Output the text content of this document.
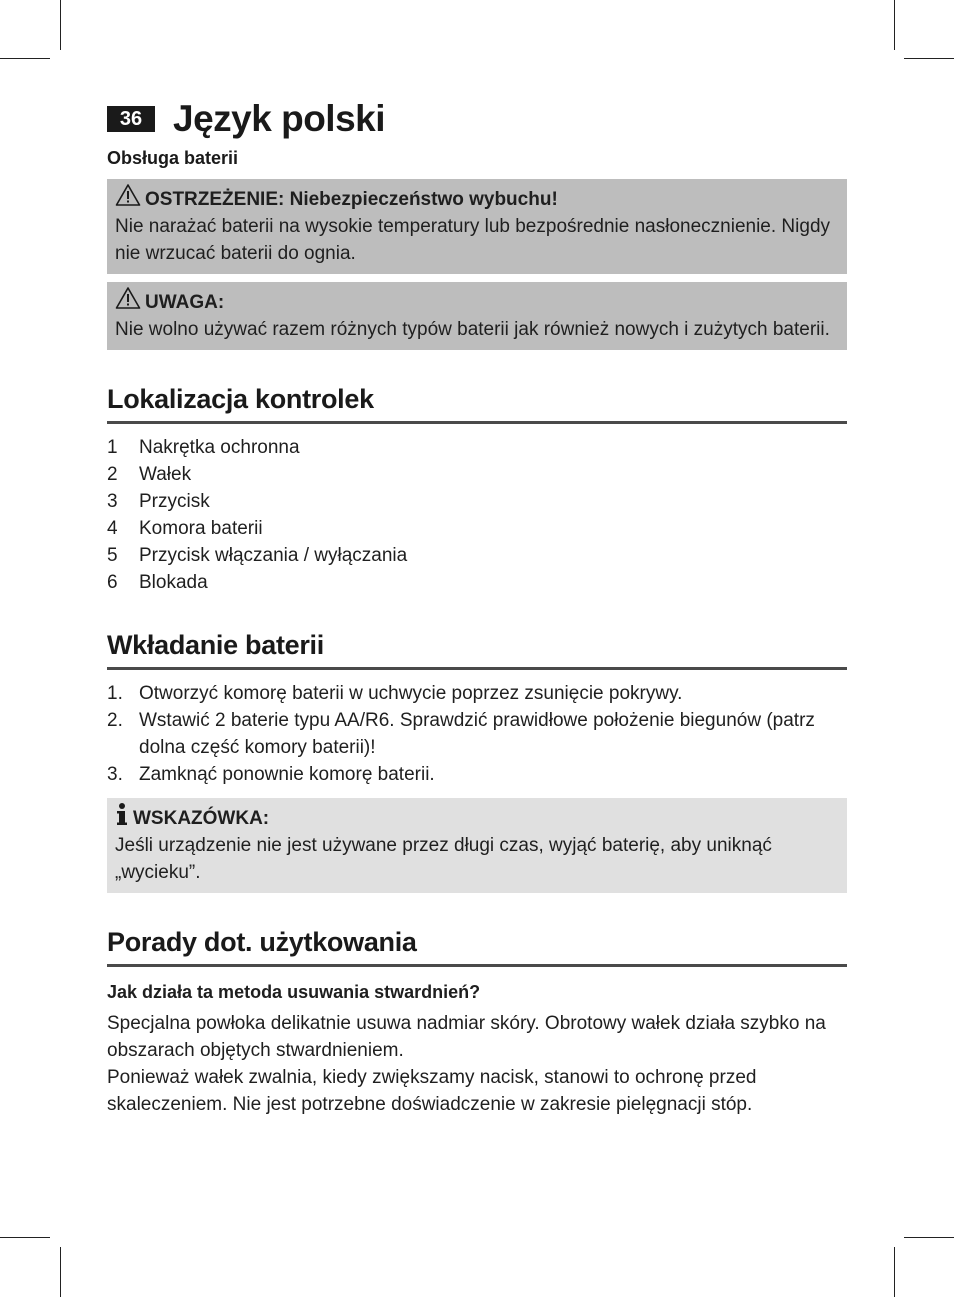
36 Język polski
Obsługa baterii
OSTRZEŻENIE: Niebezpieczeństwo wybuchu!
Nie narażać baterii na wysokie temperatury lub bezpośrednie nasłonecznienie. Nigdy nie wrzucać baterii do ognia.
UWAGA:
Nie wolno używać razem różnych typów baterii jak również nowych i zużytych baterii.
Lokalizacja kontrolek
1	Nakrętka ochronna
2	Wałek
3	Przycisk
4	Komora baterii
5	Przycisk włączania / wyłączania
6	Blokada
Wkładanie baterii
1. Otworzyć komorę baterii w uchwycie poprzez zsunięcie pokrywy.
2. Wstawić 2 baterie typu AA/R6. Sprawdzić prawidłowe położenie biegunów (patrz dolna część komory baterii)!
3. Zamknąć ponownie komorę baterii.
WSKAZÓWKA:
Jeśli urządzenie nie jest używane przez długi czas, wyjąć baterię, aby uniknąć „wycieku”.
Porady dot. użytkowania
Jak działa ta metoda usuwania stwardnień?
Specjalna powłoka delikatnie usuwa nadmiar skóry. Obrotowy wałek działa szybko na obszarach objętych stwardnieniem.
Ponieważ wałek zwalnia, kiedy zwiększamy nacisk, stanowi to ochronę przed skaleczeniem. Nie jest potrzebne doświadczenie w zakresie pielęgnacji stóp.
